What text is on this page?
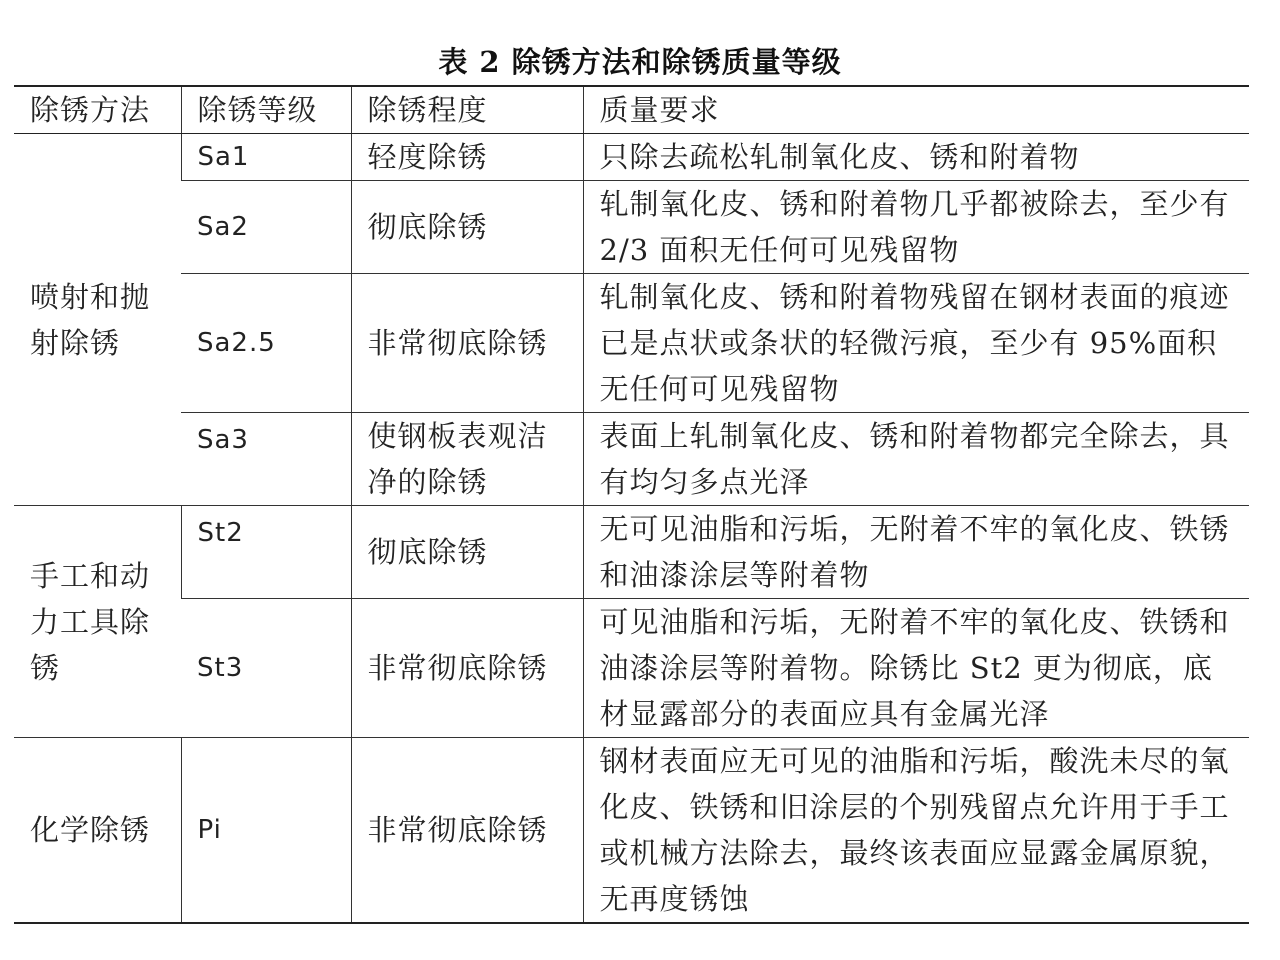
表 2 除锈方法和除锈质量等级
除锈方法	除锈等级	除锈程度	质量要求
喷射和抛射除锈	Sa1	轻度除锈	只除去疏松轧制氧化皮、锈和附着物
	Sa2	彻底除锈	轧制氧化皮、锈和附着物几乎都被除去，至少有2/3 面积无任何可见残留物
	Sa2.5	非常彻底除锈	轧制氧化皮、锈和附着物残留在钢材表面的痕迹已是点状或条状的轻微污痕，至少有 95%面积无任何可见残留物
	Sa3	使钢板表观洁净的除锈	表面上轧制氧化皮、锈和附着物都完全除去，具有均匀多点光泽
手工和动力工具除锈	St2	彻底除锈	无可见油脂和污垢，无附着不牢的氧化皮、铁锈和油漆涂层等附着物
	St3	非常彻底除锈	可见油脂和污垢，无附着不牢的氧化皮、铁锈和油漆涂层等附着物。除锈比 St2 更为彻底，底材显露部分的表面应具有金属光泽
化学除锈	Pi	非常彻底除锈	钢材表面应无可见的油脂和污垢，酸洗未尽的氧化皮、铁锈和旧涂层的个别残留点允许用于手工或机械方法除去，最终该表面应显露金属原貌，无再度锈蚀
